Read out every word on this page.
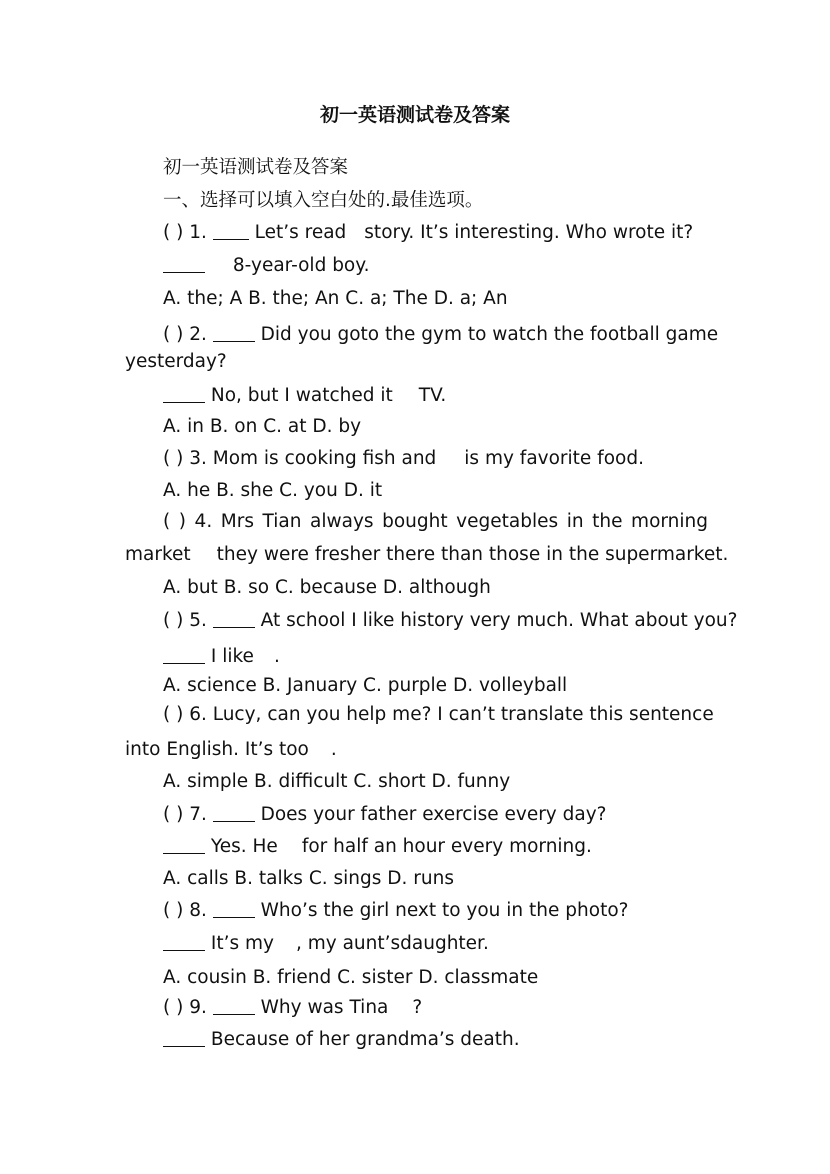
初一英语测试卷及答案
初一英语测试卷及答案
一、选择可以填入空白处的.最佳选项。
( ) 1.  Let’s read story. It’s interesting. Who wrote it?
8-year-old boy.
A. the; A B. the; An C. a; The D. a; An
( ) 2.  Did you goto the gym to watch the football game
yesterday?
No, but I watched it TV.
A. in B. on C. at D. by
( ) 3. Mom is cooking fish and is my favorite food.
A. he B. she C. you D. it
( ) 4. Mrs Tian always bought vegetables in the morning
market they were fresher there than those in the supermarket.
A. but B. so C. because D. although
( ) 5.  At school I like history very much. What about you?
I like .
A. science B. January C. purple D. volleyball
( ) 6. Lucy, can you help me? I can’t translate this sentence
into English. It’s too .
A. simple B. difficult C. short D. funny
( ) 7.  Does your father exercise every day?
Yes. He for half an hour every morning.
A. calls B. talks C. sings D. runs
( ) 8.  Who’s the girl next to you in the photo?
It’s my , my aunt’sdaughter.
A. cousin B. friend C. sister D. classmate
( ) 9.  Why was Tina ?
Because of her grandma’s death.
